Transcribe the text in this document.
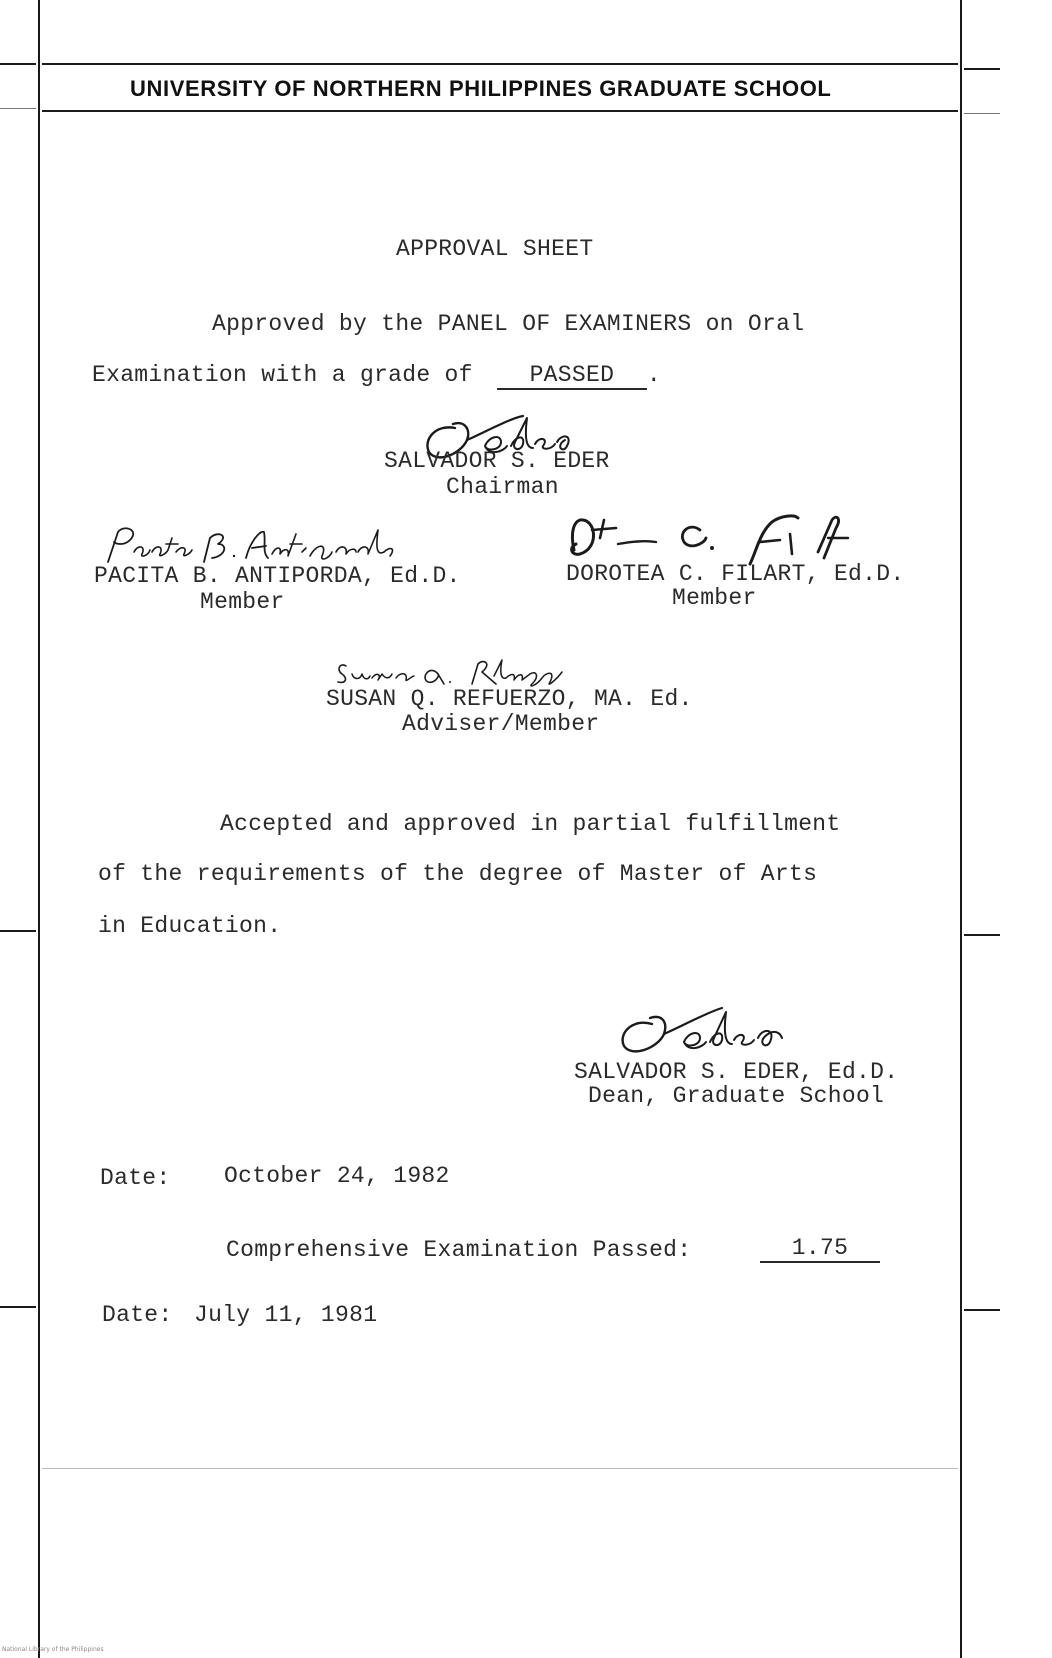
UNIVERSITY OF NORTHERN PHILIPPINES GRADUATE SCHOOL
APPROVAL SHEET
Approved by the PANEL OF EXAMINERS on Oral
Examination with a grade of PASSED .
SALVADOR S. EDER
Chairman
PACITA B. ANTIPORDA, Ed.D.
Member
DOROTEA C. FILART, Ed.D.
Member
SUSAN Q. REFUERZO, MA. Ed.
Adviser/Member
Accepted and approved in partial fulfillment
of the requirements of the degree of Master of Arts
in Education.
SALVADOR S. EDER, Ed.D.
Dean, Graduate School
Date: October 24, 1982
Comprehensive Examination Passed:	1.75
Date: July 11, 1981
National Library of the Philippines
